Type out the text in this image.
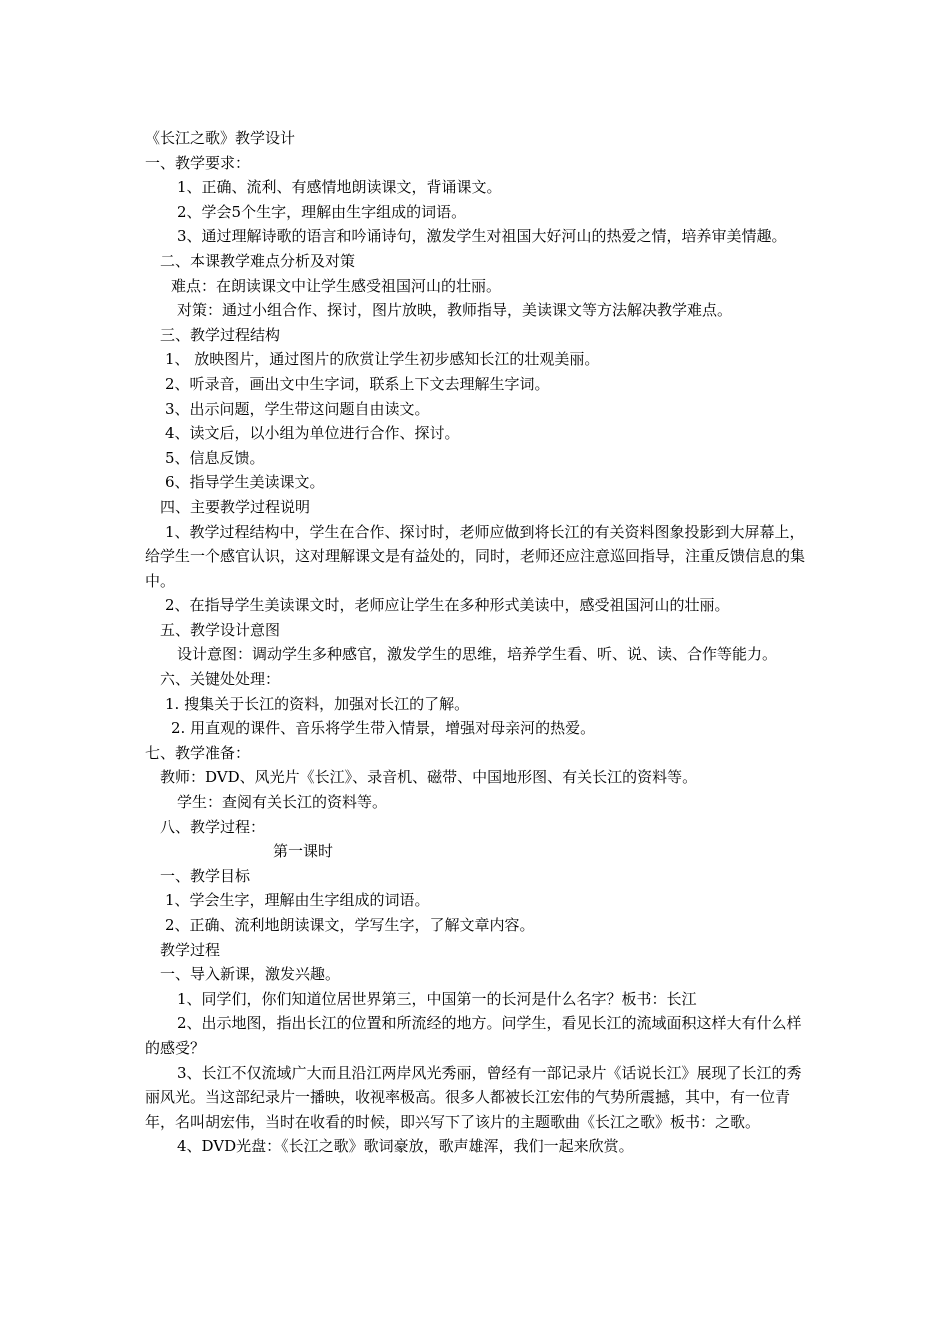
《长江之歌》教学设计
一、教学要求：
1、正确、流利、有感情地朗读课文，背诵课文。
2、学会5个生字，理解由生字组成的词语。
3、通过理解诗歌的语言和吟诵诗句，激发学生对祖国大好河山的热爱之情，培养审美情趣。
二、本课教学难点分析及对策
难点：在朗读课文中让学生感受祖国河山的壮丽。
对策：通过小组合作、探讨，图片放映，教师指导，美读课文等方法解决教学难点。
三、教学过程结构
1、 放映图片，通过图片的欣赏让学生初步感知长江的壮观美丽。
2、听录音，画出文中生字词，联系上下文去理解生字词。
3、出示问题，学生带这问题自由读文。
4、读文后，以小组为单位进行合作、探讨。
5、信息反馈。
6、指导学生美读课文。
四、主要教学过程说明
1、教学过程结构中，学生在合作、探讨时，老师应做到将长江的有关资料图象投影到大屏幕上，给学生一个感官认识，这对理解课文是有益处的，同时，老师还应注意巡回指导，注重反馈信息的集中。
2、在指导学生美读课文时，老师应让学生在多种形式美读中，感受祖国河山的壮丽。
五、教学设计意图
设计意图：调动学生多种感官，激发学生的思维，培养学生看、听、说、读、合作等能力。
六、关键处处理：
1. 搜集关于长江的资料，加强对长江的了解。
2. 用直观的课件、音乐将学生带入情景，增强对母亲河的热爱。
七、教学准备：
教师：DVD、风光片《长江》、录音机、磁带、中国地形图、有关长江的资料等。
学生：查阅有关长江的资料等。
八、教学过程：
第一课时
一、教学目标
1、学会生字，理解由生字组成的词语。
2、正确、流利地朗读课文，学写生字，了解文章内容。
教学过程
一、导入新课，激发兴趣。
1、同学们，你们知道位居世界第三，中国第一的长河是什么名字？板书：长江
2、出示地图，指出长江的位置和所流经的地方。问学生，看见长江的流域面积这样大有什么样的感受？
3、长江不仅流域广大而且沿江两岸风光秀丽，曾经有一部记录片《话说长江》展现了长江的秀丽风光。当这部纪录片一播映，收视率极高。很多人都被长江宏伟的气势所震撼，其中，有一位青年，名叫胡宏伟，当时在收看的时候，即兴写下了该片的主题歌曲《长江之歌》板书：之歌。
4、DVD光盘：《长江之歌》歌词豪放，歌声雄浑，我们一起来欣赏。
